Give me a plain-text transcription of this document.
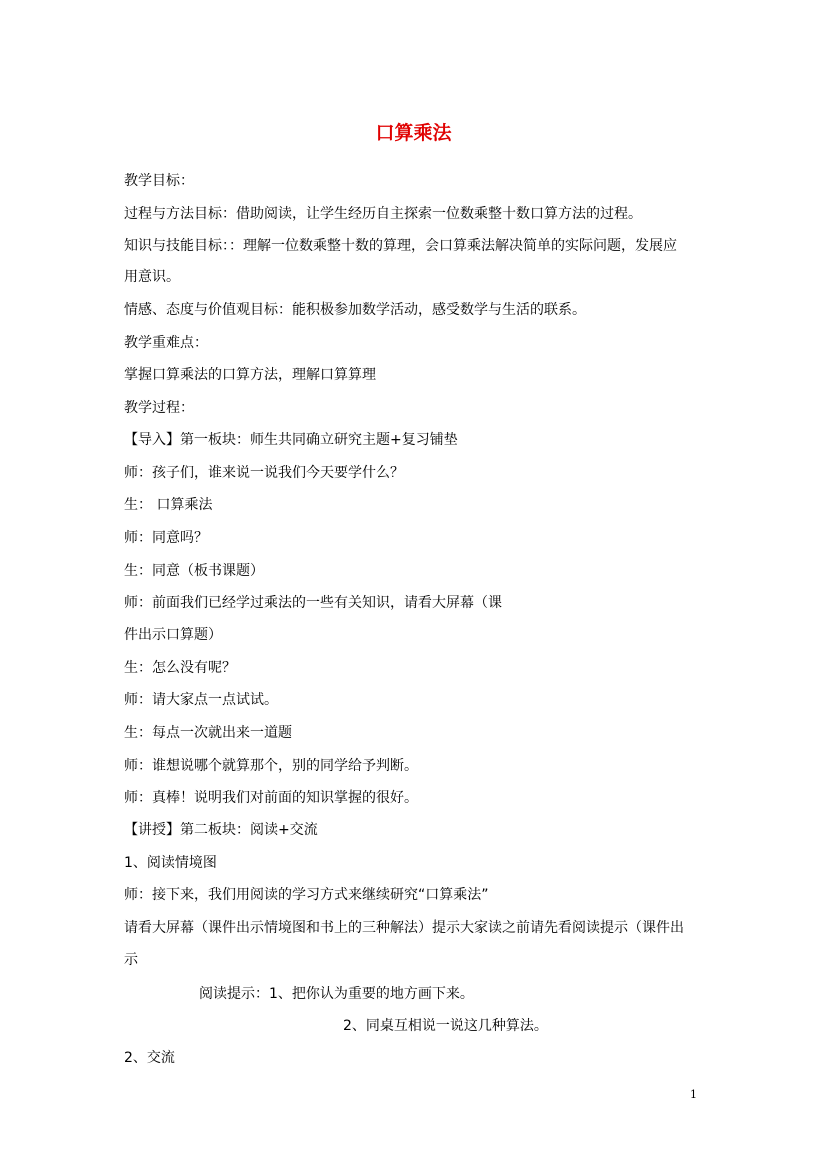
口算乘法
教学目标：
过程与方法目标：借助阅读，让学生经历自主探索一位数乘整十数口算方法的过程。
知识与技能目标：：理解一位数乘整十数的算理，会口算乘法解决简单的实际问题，发展应
用意识。
情感、态度与价值观目标：能积极参加数学活动，感受数学与生活的联系。
教学重难点：
掌握口算乘法的口算方法，理解口算算理
教学过程：
【导入】第一板块：师生共同确立研究主题+复习铺垫
师：孩子们，谁来说一说我们今天要学什么？
生： 口算乘法
师：同意吗？
生：同意（板书课题）
师：前面我们已经学过乘法的一些有关知识，请看大屏幕（课
件出示口算题）
生：怎么没有呢？
师：请大家点一点试试。
生：每点一次就出来一道题
师：谁想说哪个就算那个，别的同学给予判断。
师：真棒！说明我们对前面的知识掌握的很好。
【讲授】第二板块：阅读+交流
1、阅读情境图
师：接下来，我们用阅读的学习方式来继续研究“口算乘法”
请看大屏幕（课件出示情境图和书上的三种解法）提示大家读之前请先看阅读提示（课件出
示
阅读提示：1、把你认为重要的地方画下来。
2、同桌互相说一说这几种算法。
2、交流
1
